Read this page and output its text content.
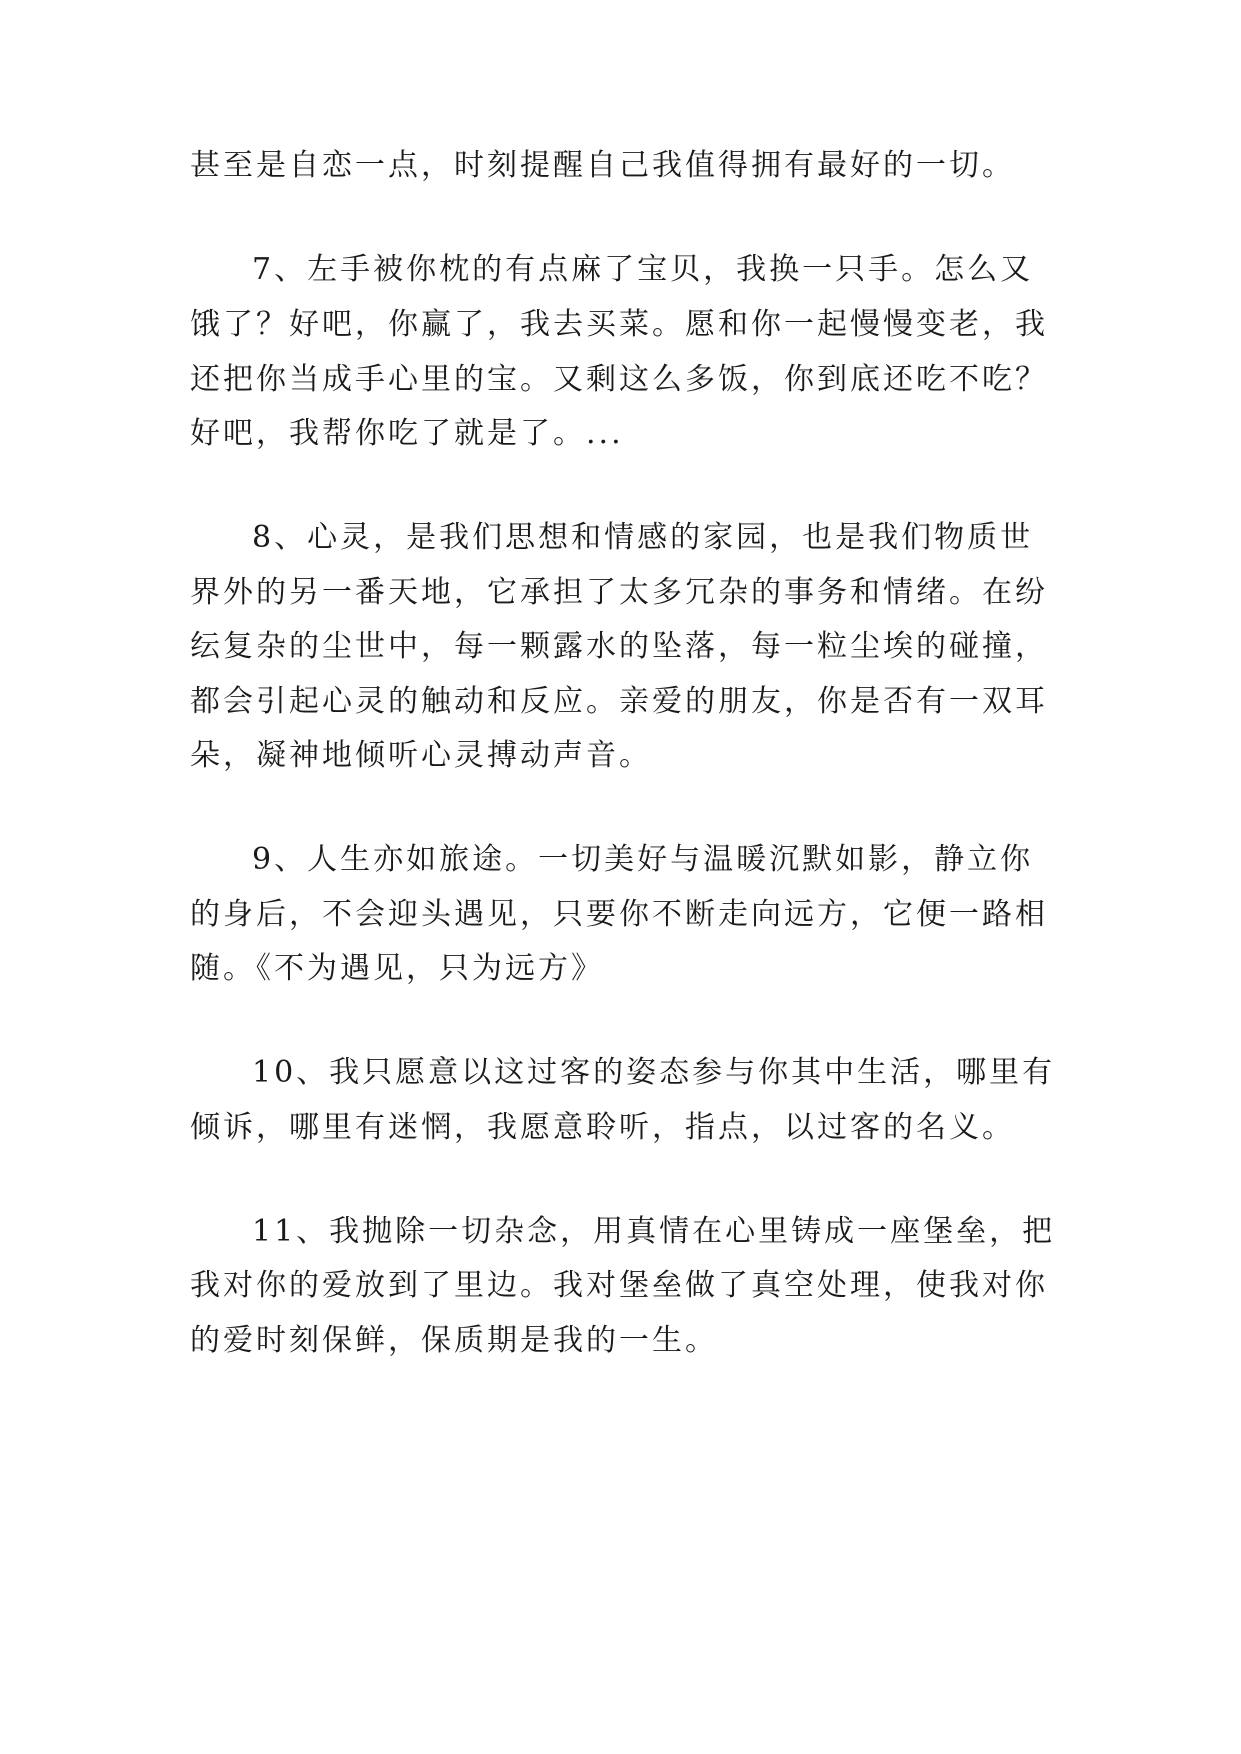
甚至是自恋一点，时刻提醒自己我值得拥有最好的一切。

7、左手被你枕的有点麻了宝贝，我换一只手。怎么又

饿了？好吧，你赢了，我去买菜。愿和你一起慢慢变老，我

还把你当成手心里的宝。又剩这么多饭，你到底还吃不吃？

好吧，我帮你吃了就是了。...

8、心灵，是我们思想和情感的家园，也是我们物质世

界外的另一番天地，它承担了太多冗杂的事务和情绪。在纷

纭复杂的尘世中，每一颗露水的坠落，每一粒尘埃的碰撞，

都会引起心灵的触动和反应。亲爱的朋友，你是否有一双耳

朵，凝神地倾听心灵搏动声音。

9、人生亦如旅途。一切美好与温暖沉默如影，静立你

的身后，不会迎头遇见，只要你不断走向远方，它便一路相

随。《不为遇见，只为远方》

10、我只愿意以这过客的姿态参与你其中生活，哪里有

倾诉，哪里有迷惘，我愿意聆听，指点，以过客的名义。

11、我抛除一切杂念，用真情在心里铸成一座堡垒，把

我对你的爱放到了里边。我对堡垒做了真空处理，使我对你

的爱时刻保鲜，保质期是我的一生。
